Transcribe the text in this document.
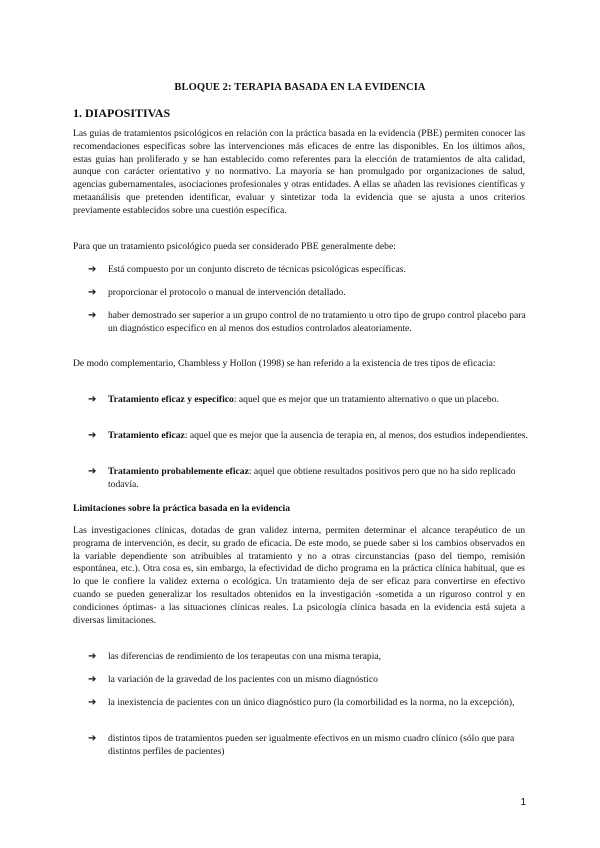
BLOQUE 2: TERAPIA BASADA EN LA EVIDENCIA
1. DIAPOSITIVAS

Las guías de tratamientos psicológicos en relación con la práctica basada en la evidencia (PBE) permiten conocer las recomendaciones específicas sobre las intervenciones más eficaces de entre las disponibles. En los últimos años, estas guías han proliferado y se han establecido como referentes para la elección de tratamientos de alta calidad, aunque con carácter orientativo y no normativo. La mayoría se han promulgado por organizaciones de salud, agencias gubernamentales, asociaciones profesionales y otras entidades. A ellas se añaden las revisiones científicas y metaanálisis que pretenden identificar, evaluar y sintetizar toda la evidencia que se ajusta a unos criterios previamente establecidos sobre una cuestión específica.

Para que un tratamiento psicológico pueda ser considerado PBE generalmente debe:

➔	Está compuesto por un conjunto discreto de técnicas psicológicas específicas.
➔	proporcionar el protocolo o manual de intervención detallado.
➔	haber demostrado ser superior a un grupo control de no tratamiento u otro tipo de grupo control placebo para un diagnóstico específico en al menos dos estudios controlados aleatoriamente.

De modo complementario, Chambless y Hollon (1998) se han referido a la existencia de tres tipos de eficacia:

➔	Tratamiento eficaz y específico: aquel que es mejor que un tratamiento alternativo o que un placebo.
➔	Tratamiento eficaz: aquel que es mejor que la ausencia de terapia en, al menos, dos estudios independientes.
➔	Tratamiento probablemente eficaz: aquel que obtiene resultados positivos pero que no ha sido replicado todavía.
Limitaciones sobre la práctica basada en la evidencia

Las investigaciones clínicas, dotadas de gran validez interna, permiten determinar el alcance terapéutico de un programa de intervención, es decir, su grado de eficacia. De este modo, se puede saber si los cambios observados en la variable dependiente son atribuibles al tratamiento y no a otras circunstancias (paso del tiempo, remisión espontánea, etc.). Otra cosa es, sin embargo, la efectividad de dicho programa en la práctica clínica habitual, que es lo que le confiere la validez externa o ecológica. Un tratamiento deja de ser eficaz para convertirse en efectivo cuando se pueden generalizar los resultados obtenidos en la investigación -sometida a un riguroso control y en condiciones óptimas- a las situaciones clínicas reales. La psicología clínica basada en la evidencia está sujeta a diversas limitaciones.

➔	las diferencias de rendimiento de los terapeutas con una misma terapia,
➔	la variación de la gravedad de los pacientes con un mismo diagnóstico
➔	la inexistencia de pacientes con un único diagnóstico puro (la comorbilidad es la norma, no la excepción),
➔	distintos tipos de tratamientos pueden ser igualmente efectivos en un mismo cuadro clínico (sólo que para distintos perfiles de pacientes)
1
